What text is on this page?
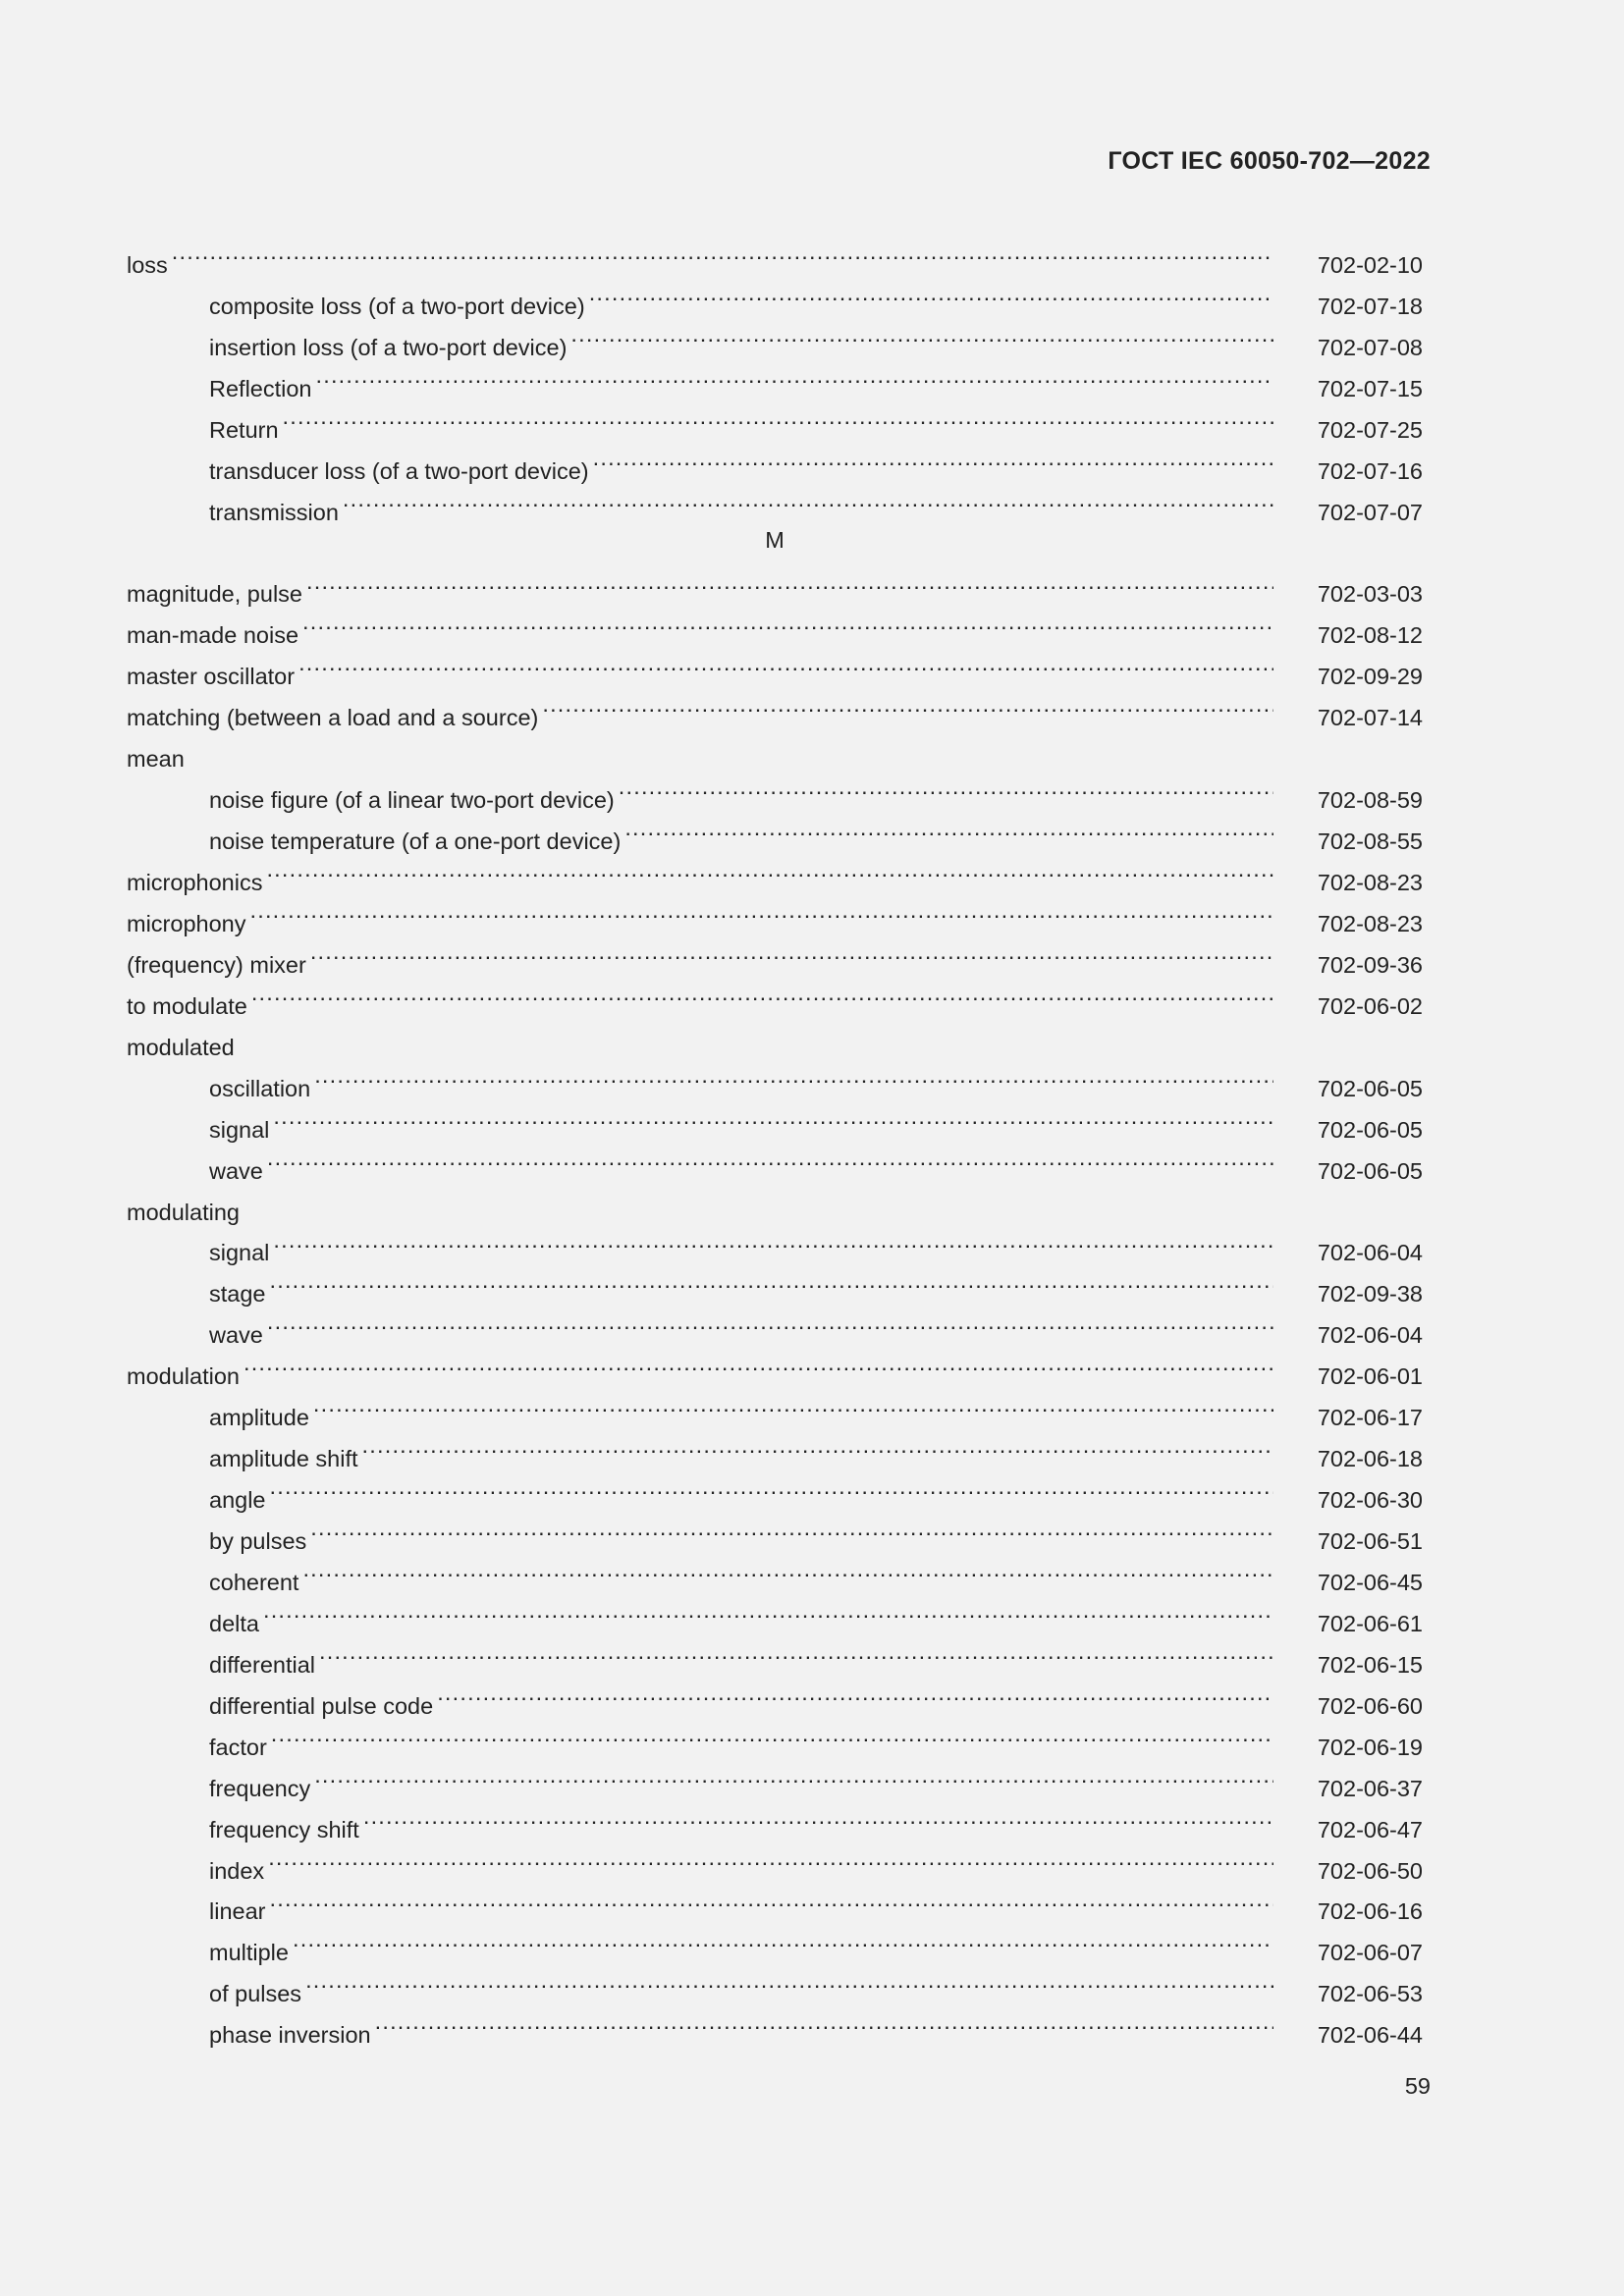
ГОСТ IEC 60050-702—2022
loss .....	702-02-10
composite loss (of a two-port device) .....	702-07-18
insertion loss (of a two-port device) .....	702-07-08
Reflection .....	702-07-15
Return .....	702-07-25
transducer loss (of a two-port device) .....	702-07-16
transmission .....	702-07-07
M
magnitude, pulse .....	702-03-03
man-made noise .....	702-08-12
master oscillator .....	702-09-29
matching (between a load and a source) .....	702-07-14
mean
noise figure (of a linear two-port device) .....	702-08-59
noise temperature (of a one-port device) .....	702-08-55
microphonics .....	702-08-23
microphony .....	702-08-23
(frequency) mixer .....	702-09-36
to modulate .....	702-06-02
modulated
oscillation .....	702-06-05
signal .....	702-06-05
wave .....	702-06-05
modulating
signal .....	702-06-04
stage .....	702-09-38
wave .....	702-06-04
modulation .....	702-06-01
amplitude .....	702-06-17
amplitude shift .....	702-06-18
angle .....	702-06-30
by pulses .....	702-06-51
coherent .....	702-06-45
delta .....	702-06-61
differential .....	702-06-15
differential pulse code .....	702-06-60
factor .....	702-06-19
frequency .....	702-06-37
frequency shift .....	702-06-47
index .....	702-06-50
linear .....	702-06-16
multiple .....	702-06-07
of pulses .....	702-06-53
phase inversion .....	702-06-44
59
